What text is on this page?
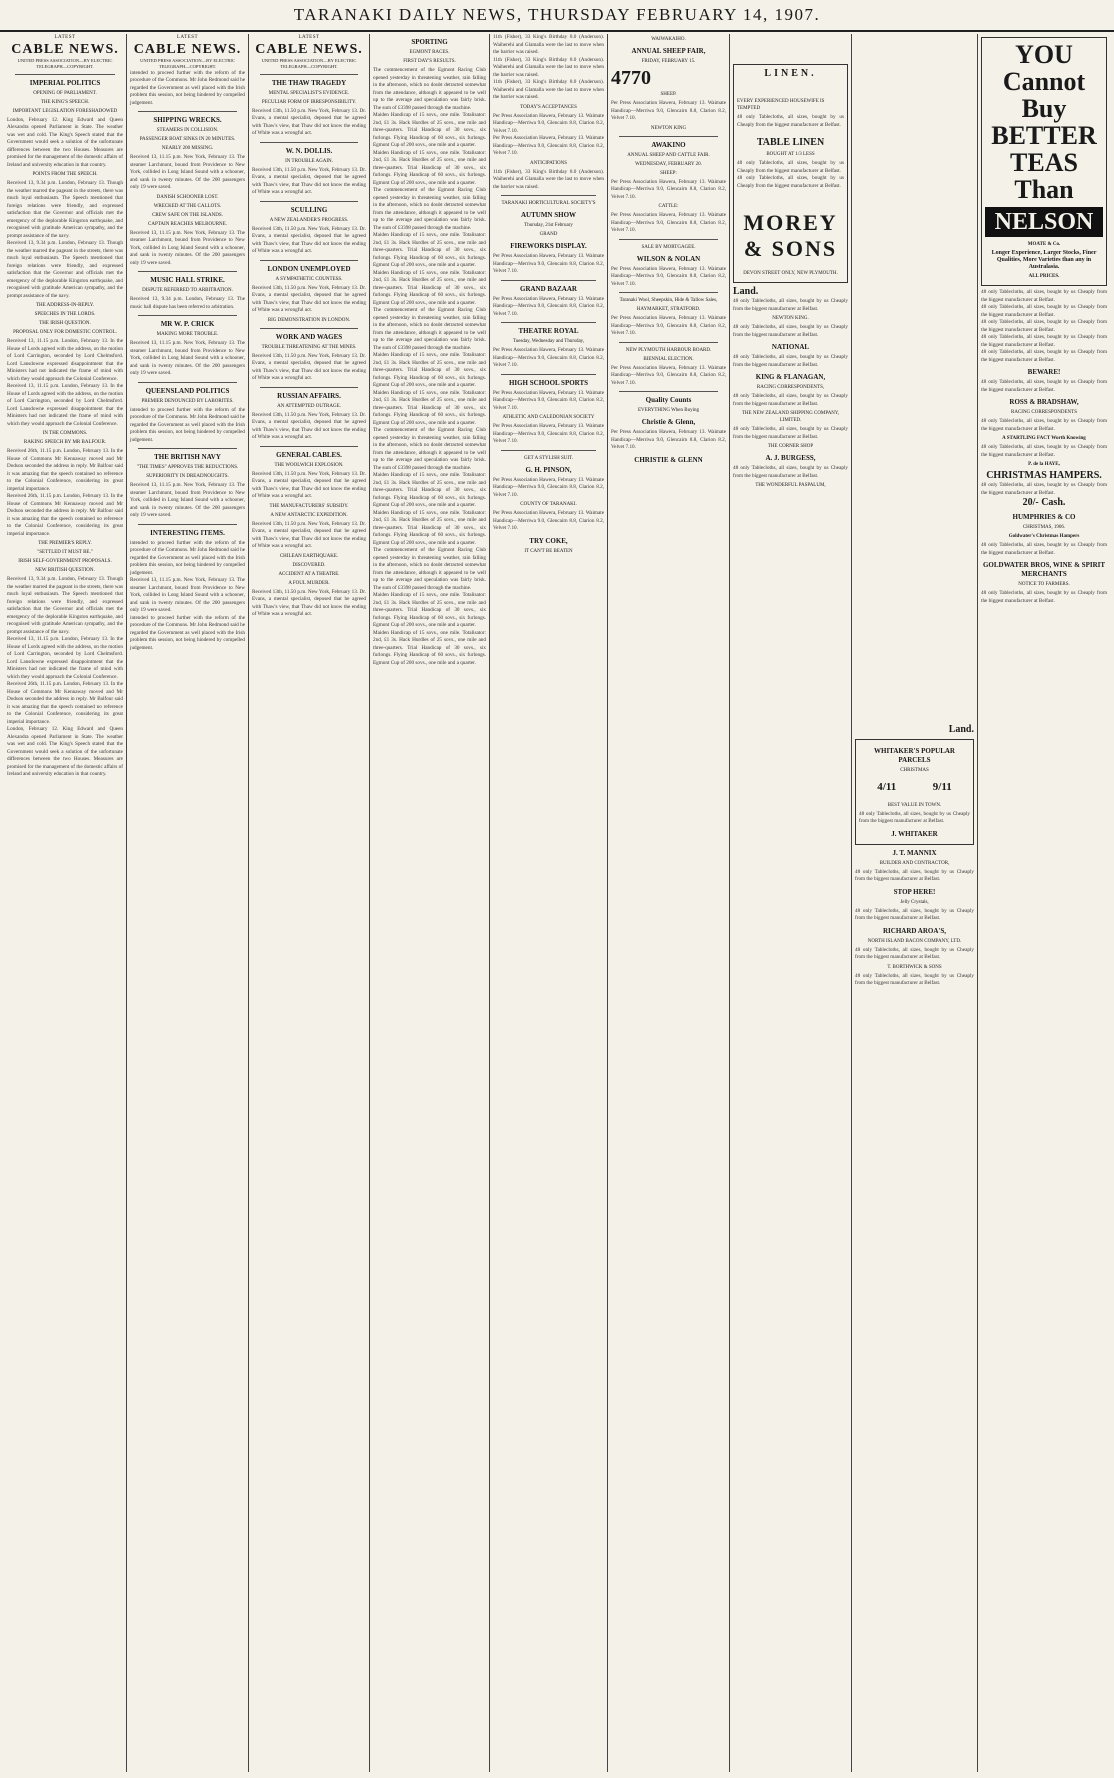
TARANAKI DAILY NEWS, THURSDAY FEBRUARY 14, 1907.
LATEST
CABLE NEWS.
UNITED PRESS ASSOCIATION—BY ELECTRIC TELEGRAPH—COPYRIGHT.
IMPERIAL POLITICS
OPENING OF PARLIAMENT.
THE KING'S SPEECH.
IMPORTANT LEGISLATION FORESHADOWED
London, February 12. King Edward and Queen Alexandra opened Parliament in State. The weather was wet and cold. The King's Speech stated that the Government would seek a solution of the unfortunate differences between the two Houses. Measures are promised for the management of the domestic affairs of Ireland and university education in that country.
POINTS FROM THE SPEECH.
Received 13, 9.34 p.m. London, February 13. Though the weather marred the pageant in the streets, there was much loyal enthusiasm. The Speech mentioned that foreign relations were friendly, and expressed satisfaction that the Governor and officials met the emergency of the deplorable Kingston earthquake, and recognised with gratitude American sympathy, and the prompt assistance of the navy.
Received 13, 9.34 p.m. London, February 13. Though the weather marred the pageant in the streets, there was much loyal enthusiasm. The Speech mentioned that foreign relations were friendly, and expressed satisfaction that the Governor and officials met the emergency of the deplorable Kingston earthquake, and recognised with gratitude American sympathy, and the prompt assistance of the navy.
THE ADDRESS-IN-REPLY.
SPEECHES IN THE LORDS.
THE IRISH QUESTION.
PROPOSAL ONLY FOR DOMESTIC CONTROL.
Received 13, 11.15 p.m. London, February 13. In the House of Lords agreed with the address, on the motion of Lord Carrington, seconded by Lord Chelmsford. Lord Lansdowne expressed disappointment that the Ministers had not indicated the frame of mind with which they would approach the Colonial Conference.
Received 13, 11.15 p.m. London, February 13. In the House of Lords agreed with the address, on the motion of Lord Carrington, seconded by Lord Chelmsford. Lord Lansdowne expressed disappointment that the Ministers had not indicated the frame of mind with which they would approach the Colonial Conference.
IN THE COMMONS.
RAKING SPEECH BY MR BALFOUR.
Received 26th, 11.15 p.m. London, February 13. In the House of Commons Mr Kennaway moved and Mr Dodson seconded the address in reply. Mr Balfour said it was amazing that the speech contained no reference to the Colonial Conference, considering its great imperial importance.
Received 26th, 11.15 p.m. London, February 13. In the House of Commons Mr Kennaway moved and Mr Dodson seconded the address in reply. Mr Balfour said it was amazing that the speech contained no reference to the Colonial Conference, considering its great imperial importance.
THE PREMIER'S REPLY.
"SETTLED IT MUST BE."
IRISH SELF-GOVERNMENT PROPOSALS.
NEW BRITISH QUESTION.
Received 13, 9.34 p.m. London, February 13. Though the weather marred the pageant in the streets, there was much loyal enthusiasm. The Speech mentioned that foreign relations were friendly, and expressed satisfaction that the Governor and officials met the emergency of the deplorable Kingston earthquake, and recognised with gratitude American sympathy, and the prompt assistance of the navy.
Received 13, 11.15 p.m. London, February 13. In the House of Lords agreed with the address, on the motion of Lord Carrington, seconded by Lord Chelmsford. Lord Lansdowne expressed disappointment that the Ministers had not indicated the frame of mind with which they would approach the Colonial Conference.
Received 26th, 11.15 p.m. London, February 13. In the House of Commons Mr Kennaway moved and Mr Dodson seconded the address in reply. Mr Balfour said it was amazing that the speech contained no reference to the Colonial Conference, considering its great imperial importance.
London, February 12. King Edward and Queen Alexandra opened Parliament in State. The weather was wet and cold. The King's Speech stated that the Government would seek a solution of the unfortunate differences between the two Houses. Measures are promised for the management of the domestic affairs of Ireland and university education in that country.
LATEST
CABLE NEWS.
UNITED PRESS ASSOCIATION—BY ELECTRIC TELEGRAPH—COPYRIGHT.
intended to proceed further with the reform of the procedure of the Commons. Mr John Redmond said he regarded the Government as well placed with the Irish problem this session, not being hindered by compelled judgement.
SHIPPING WRECKS.
STEAMERS IN COLLISION.
PASSENGER BOAT SINKS IN 20 MINUTES.
NEARLY 200 MISSING.
Received 13, 11.15 p.m. New York, February 13. The steamer Larchmont, bound from Providence to New York, collided in Long Island Sound with a schooner, and sank in twenty minutes. Of the 200 passengers only 19 were saved.
DANISH SCHOONER LOST.
WRECKED AT THE CALLOTS.
CREW SAFE ON THE ISLANDS.
CAPTAIN REACHES MELBOURNE.
Received 13, 11.15 p.m. New York, February 13. The steamer Larchmont, bound from Providence to New York, collided in Long Island Sound with a schooner, and sank in twenty minutes. Of the 200 passengers only 19 were saved.
MUSIC HALL STRIKE.
DISPUTE REFERRED TO ARBITRATION.
Received 13, 9.34 p.m. London, February 13. The music hall dispute has been referred to arbitration.
MR W. P. CRICK
MAKING MORE TROUBLE.
Received 13, 11.15 p.m. New York, February 13. The steamer Larchmont, bound from Providence to New York, collided in Long Island Sound with a schooner, and sank in twenty minutes. Of the 200 passengers only 19 were saved.
QUEENSLAND POLITICS
PREMIER DENOUNCED BY LABORITES.
intended to proceed further with the reform of the procedure of the Commons. Mr John Redmond said he regarded the Government as well placed with the Irish problem this session, not being hindered by compelled judgement.
THE BRITISH NAVY
"THE TIMES" APPROVES THE REDUCTIONS.
SUPERIORITY IN DREADNOUGHTS.
Received 13, 11.15 p.m. New York, February 13. The steamer Larchmont, bound from Providence to New York, collided in Long Island Sound with a schooner, and sank in twenty minutes. Of the 200 passengers only 19 were saved.
INTERESTING ITEMS.
intended to proceed further with the reform of the procedure of the Commons. Mr John Redmond said he regarded the Government as well placed with the Irish problem this session, not being hindered by compelled judgement.
Received 13, 11.15 p.m. New York, February 13. The steamer Larchmont, bound from Providence to New York, collided in Long Island Sound with a schooner, and sank in twenty minutes. Of the 200 passengers only 19 were saved.
intended to proceed further with the reform of the procedure of the Commons. Mr John Redmond said he regarded the Government as well placed with the Irish problem this session, not being hindered by compelled judgement.
LATEST
CABLE NEWS.
UNITED PRESS ASSOCIATION—BY ELECTRIC TELEGRAPH—COPYRIGHT.
THE THAW TRAGEDY
MENTAL SPECIALIST'S EVIDENCE.
PECULIAR FORM OF IRRESPONSIBILITY.
Received 13th, 11.50 p.m. New York, February 13. Dr. Evans, a mental specialist, deposed that he agreed with Thaw's view, that Thaw did not know the ending of White was a wrongful act.
W. N. DOLLIS.
IN TROUBLE AGAIN.
Received 13th, 11.50 p.m. New York, February 13. Dr. Evans, a mental specialist, deposed that he agreed with Thaw's view, that Thaw did not know the ending of White was a wrongful act.
SCULLING
A NEW ZEALANDER'S PROGRESS.
Received 13th, 11.50 p.m. New York, February 13. Dr. Evans, a mental specialist, deposed that he agreed with Thaw's view, that Thaw did not know the ending of White was a wrongful act.
LONDON UNEMPLOYED
A SYMPATHETIC COUNTESS.
Received 13th, 11.50 p.m. New York, February 13. Dr. Evans, a mental specialist, deposed that he agreed with Thaw's view, that Thaw did not know the ending of White was a wrongful act.
BIG DEMONSTRATION IN LONDON.
WORK AND WAGES
TROUBLE THREATENING AT THE MINES.
Received 13th, 11.50 p.m. New York, February 13. Dr. Evans, a mental specialist, deposed that he agreed with Thaw's view, that Thaw did not know the ending of White was a wrongful act.
RUSSIAN AFFAIRS.
AN ATTEMPTED OUTRAGE.
Received 13th, 11.50 p.m. New York, February 13. Dr. Evans, a mental specialist, deposed that he agreed with Thaw's view, that Thaw did not know the ending of White was a wrongful act.
GENERAL CABLES.
THE WOOLWICH EXPLOSION.
Received 13th, 11.50 p.m. New York, February 13. Dr. Evans, a mental specialist, deposed that he agreed with Thaw's view, that Thaw did not know the ending of White was a wrongful act.
THE MANUFACTURERS' SUBSIDY.
A NEW ANTARCTIC EXPEDITION.
Received 13th, 11.50 p.m. New York, February 13. Dr. Evans, a mental specialist, deposed that he agreed with Thaw's view, that Thaw did not know the ending of White was a wrongful act.
CHILEAN EARTHQUAKE.
DISCOVERED.
ACCIDENT AT A THEATRE.
A FOUL MURDER.
Received 13th, 11.50 p.m. New York, February 13. Dr. Evans, a mental specialist, deposed that he agreed with Thaw's view, that Thaw did not know the ending of White was a wrongful act.
SPORTING
EGMONT RACES.
FIRST DAY'S RESULTS.
The commencement of the Egmont Racing Club opened yesterday in threatening weather, rain falling in the afternoon, which no doubt detracted somewhat from the attendance, although it appeared to be well up to the average and speculation was fairly brisk. The sum of £3398 passed through the machine.
Maiden Handicap of 15 sovs., one mile. Totalisator: 2nd, £1 3s. Hack Hurdles of 25 sovs., one mile and three-quarters. Trial Handicap of 30 sovs., six furlongs. Flying Handicap of 60 sovs., six furlongs. Egmont Cup of 200 sovs., one mile and a quarter.
Maiden Handicap of 15 sovs., one mile. Totalisator: 2nd, £1 3s. Hack Hurdles of 25 sovs., one mile and three-quarters. Trial Handicap of 30 sovs., six furlongs. Flying Handicap of 60 sovs., six furlongs. Egmont Cup of 200 sovs., one mile and a quarter.
The commencement of the Egmont Racing Club opened yesterday in threatening weather, rain falling in the afternoon, which no doubt detracted somewhat from the attendance, although it appeared to be well up to the average and speculation was fairly brisk. The sum of £3398 passed through the machine.
Maiden Handicap of 15 sovs., one mile. Totalisator: 2nd, £1 3s. Hack Hurdles of 25 sovs., one mile and three-quarters. Trial Handicap of 30 sovs., six furlongs. Flying Handicap of 60 sovs., six furlongs. Egmont Cup of 200 sovs., one mile and a quarter.
Maiden Handicap of 15 sovs., one mile. Totalisator: 2nd, £1 3s. Hack Hurdles of 25 sovs., one mile and three-quarters. Trial Handicap of 30 sovs., six furlongs. Flying Handicap of 60 sovs., six furlongs. Egmont Cup of 200 sovs., one mile and a quarter.
The commencement of the Egmont Racing Club opened yesterday in threatening weather, rain falling in the afternoon, which no doubt detracted somewhat from the attendance, although it appeared to be well up to the average and speculation was fairly brisk. The sum of £3398 passed through the machine.
Maiden Handicap of 15 sovs., one mile. Totalisator: 2nd, £1 3s. Hack Hurdles of 25 sovs., one mile and three-quarters. Trial Handicap of 30 sovs., six furlongs. Flying Handicap of 60 sovs., six furlongs. Egmont Cup of 200 sovs., one mile and a quarter.
Maiden Handicap of 15 sovs., one mile. Totalisator: 2nd, £1 3s. Hack Hurdles of 25 sovs., one mile and three-quarters. Trial Handicap of 30 sovs., six furlongs. Flying Handicap of 60 sovs., six furlongs. Egmont Cup of 200 sovs., one mile and a quarter.
The commencement of the Egmont Racing Club opened yesterday in threatening weather, rain falling in the afternoon, which no doubt detracted somewhat from the attendance, although it appeared to be well up to the average and speculation was fairly brisk. The sum of £3398 passed through the machine.
Maiden Handicap of 15 sovs., one mile. Totalisator: 2nd, £1 3s. Hack Hurdles of 25 sovs., one mile and three-quarters. Trial Handicap of 30 sovs., six furlongs. Flying Handicap of 60 sovs., six furlongs. Egmont Cup of 200 sovs., one mile and a quarter.
Maiden Handicap of 15 sovs., one mile. Totalisator: 2nd, £1 3s. Hack Hurdles of 25 sovs., one mile and three-quarters. Trial Handicap of 30 sovs., six furlongs. Flying Handicap of 60 sovs., six furlongs. Egmont Cup of 200 sovs., one mile and a quarter.
The commencement of the Egmont Racing Club opened yesterday in threatening weather, rain falling in the afternoon, which no doubt detracted somewhat from the attendance, although it appeared to be well up to the average and speculation was fairly brisk. The sum of £3398 passed through the machine.
Maiden Handicap of 15 sovs., one mile. Totalisator: 2nd, £1 3s. Hack Hurdles of 25 sovs., one mile and three-quarters. Trial Handicap of 30 sovs., six furlongs. Flying Handicap of 60 sovs., six furlongs. Egmont Cup of 200 sovs., one mile and a quarter.
Maiden Handicap of 15 sovs., one mile. Totalisator: 2nd, £1 3s. Hack Hurdles of 25 sovs., one mile and three-quarters. Trial Handicap of 30 sovs., six furlongs. Flying Handicap of 60 sovs., six furlongs. Egmont Cup of 200 sovs., one mile and a quarter.
11th (Fisher), 33 King's Birthday 8.0 (Anderson). Waiherehi and Glamalla were the last to move when the barrier was raised.
11th (Fisher), 33 King's Birthday 8.0 (Anderson). Waiherehi and Glamalla were the last to move when the barrier was raised.
11th (Fisher), 33 King's Birthday 8.0 (Anderson). Waiherehi and Glamalla were the last to move when the barrier was raised.
TODAY'S ACCEPTANCES
Per Press Association Hawera, February 13. Waimate Handicap—Merriwa 9.0, Glencairn 8.8, Clarion 8.2, Velvet 7.10.
Per Press Association Hawera, February 13. Waimate Handicap—Merriwa 9.0, Glencairn 8.8, Clarion 8.2, Velvet 7.10.
ANTICIPATIONS
11th (Fisher), 33 King's Birthday 8.0 (Anderson). Waiherehi and Glamalla were the last to move when the barrier was raised.
TARANAKI HORTICULTURAL SOCIETY'S
AUTUMN SHOW
Thursday, 21st February
GRAND
FIREWORKS DISPLAY.
Per Press Association Hawera, February 13. Waimate Handicap—Merriwa 9.0, Glencairn 8.8, Clarion 8.2, Velvet 7.10.
GRAND BAZAAR
Per Press Association Hawera, February 13. Waimate Handicap—Merriwa 9.0, Glencairn 8.8, Clarion 8.2, Velvet 7.10.
THEATRE ROYAL
Tuesday, Wednesday and Thursday,
Per Press Association Hawera, February 13. Waimate Handicap—Merriwa 9.0, Glencairn 8.8, Clarion 8.2, Velvet 7.10.
HIGH SCHOOL SPORTS
Per Press Association Hawera, February 13. Waimate Handicap—Merriwa 9.0, Glencairn 8.8, Clarion 8.2, Velvet 7.10.
ATHLETIC AND CALEDONIAN SOCIETY
Per Press Association Hawera, February 13. Waimate Handicap—Merriwa 9.0, Glencairn 8.8, Clarion 8.2, Velvet 7.10.
GET A STYLISH SUIT.
G. H. PINSON,
Per Press Association Hawera, February 13. Waimate Handicap—Merriwa 9.0, Glencairn 8.8, Clarion 8.2, Velvet 7.10.
COUNTY OF TARANAKI.
Per Press Association Hawera, February 13. Waimate Handicap—Merriwa 9.0, Glencairn 8.8, Clarion 8.2, Velvet 7.10.
TRY COKE,
IT CAN'T BE BEATEN
WAIWAKAIHO.
ANNUAL SHEEP FAIR,
FRIDAY, FEBRUARY 15.
4770
SHEEP.
Per Press Association Hawera, February 13. Waimate Handicap—Merriwa 9.0, Glencairn 8.8, Clarion 8.2, Velvet 7.10.
NEWTON KING
AWAKINO
ANNUAL SHEEP AND CATTLE FAIR.
WEDNESDAY, FEBRUARY 20.
SHEEP:
Per Press Association Hawera, February 13. Waimate Handicap—Merriwa 9.0, Glencairn 8.8, Clarion 8.2, Velvet 7.10.
CATTLE:
Per Press Association Hawera, February 13. Waimate Handicap—Merriwa 9.0, Glencairn 8.8, Clarion 8.2, Velvet 7.10.
SALE BY MORTGAGEE.
WILSON & NOLAN
Per Press Association Hawera, February 13. Waimate Handicap—Merriwa 9.0, Glencairn 8.8, Clarion 8.2, Velvet 7.10.
Taranaki Wool, Sheepskin, Hide & Tallow Sales,
HAYMARKET, STRATFORD.
Per Press Association Hawera, February 13. Waimate Handicap—Merriwa 9.0, Glencairn 8.8, Clarion 8.2, Velvet 7.10.
NEW PLYMOUTH HARBOUR BOARD.
BIENNIAL ELECTION.
Per Press Association Hawera, February 13. Waimate Handicap—Merriwa 9.0, Glencairn 8.8, Clarion 8.2, Velvet 7.10.
Quality Counts
EVERYTHING When Buying
Christie & Glenn,
Per Press Association Hawera, February 13. Waimate Handicap—Merriwa 9.0, Glencairn 8.8, Clarion 8.2, Velvet 7.10.
CHRISTIE & GLENN
LINEN.
EVERY EXPERIENCED HOUSEWIFE IS TEMPTED
48 only Tablecloths, all sizes, bought by us Cheaply from the biggest manufacturer at Belfast.
TABLE LINEN
BOUGHT AT 1/3 LESS
48 only Tablecloths, all sizes, bought by us Cheaply from the biggest manufacturer at Belfast.
48 only Tablecloths, all sizes, bought by us Cheaply from the biggest manufacturer at Belfast.
MOREY & SONS
DEVON STREET ONLY, NEW PLYMOUTH.
Land.
48 only Tablecloths, all sizes, bought by us Cheaply from the biggest manufacturer at Belfast.
NEWTON KING.
48 only Tablecloths, all sizes, bought by us Cheaply from the biggest manufacturer at Belfast.
NATIONAL
48 only Tablecloths, all sizes, bought by us Cheaply from the biggest manufacturer at Belfast.
KING & FLANAGAN,
RACING CORRESPONDENTS,
48 only Tablecloths, all sizes, bought by us Cheaply from the biggest manufacturer at Belfast.
THE NEW ZEALAND SHIPPING COMPANY, LIMITED.
48 only Tablecloths, all sizes, bought by us Cheaply from the biggest manufacturer at Belfast.
THE CORNER SHOP
A. J. BURGESS,
48 only Tablecloths, all sizes, bought by us Cheaply from the biggest manufacturer at Belfast.
THE WONDERFUL PASPALUM,
Land.
WHITAKER'S POPULAR PARCELS
CHRISTMAS
4/11	9/11
BEST VALUE IN TOWN.
48 only Tablecloths, all sizes, bought by us Cheaply from the biggest manufacturer at Belfast.
J. WHITAKER
J. T. MANNIX
BUILDER AND CONTRACTOR,
48 only Tablecloths, all sizes, bought by us Cheaply from the biggest manufacturer at Belfast.
STOP HERE!
Jelly Crystals,
48 only Tablecloths, all sizes, bought by us Cheaply from the biggest manufacturer at Belfast.
RICHARD AROA'S,
NORTH ISLAND BACON COMPANY, LTD.
48 only Tablecloths, all sizes, bought by us Cheaply from the biggest manufacturer at Belfast.
T. BORTHWICK & SONS
48 only Tablecloths, all sizes, bought by us Cheaply from the biggest manufacturer at Belfast.
YOU
Cannot
Buy
BETTER
TEAS
Than
NELSON
MOATE & Co.
Longer Experience, Larger Stocks, Finer Qualities, More Varieties than any in Australasia.
ALL PRICES.
48 only Tablecloths, all sizes, bought by us Cheaply from the biggest manufacturer at Belfast.
48 only Tablecloths, all sizes, bought by us Cheaply from the biggest manufacturer at Belfast.
48 only Tablecloths, all sizes, bought by us Cheaply from the biggest manufacturer at Belfast.
48 only Tablecloths, all sizes, bought by us Cheaply from the biggest manufacturer at Belfast.
48 only Tablecloths, all sizes, bought by us Cheaply from the biggest manufacturer at Belfast.
BEWARE!
48 only Tablecloths, all sizes, bought by us Cheaply from the biggest manufacturer at Belfast.
ROSS & BRADSHAW,
RACING CORRESPONDENTS
48 only Tablecloths, all sizes, bought by us Cheaply from the biggest manufacturer at Belfast.
A STARTLING FACT Worth Knowing
48 only Tablecloths, all sizes, bought by us Cheaply from the biggest manufacturer at Belfast.
P. de la HAYE,
CHRISTMAS HAMPERS.
48 only Tablecloths, all sizes, bought by us Cheaply from the biggest manufacturer at Belfast.
20/- Cash.
HUMPHRIES & CO
CHRISTMAS, 1906.
Goldwater's Christmas Hampers
48 only Tablecloths, all sizes, bought by us Cheaply from the biggest manufacturer at Belfast.
GOLDWATER BROS, WINE & SPIRIT MERCHANTS
NOTICE TO FARMERS.
48 only Tablecloths, all sizes, bought by us Cheaply from the biggest manufacturer at Belfast.
